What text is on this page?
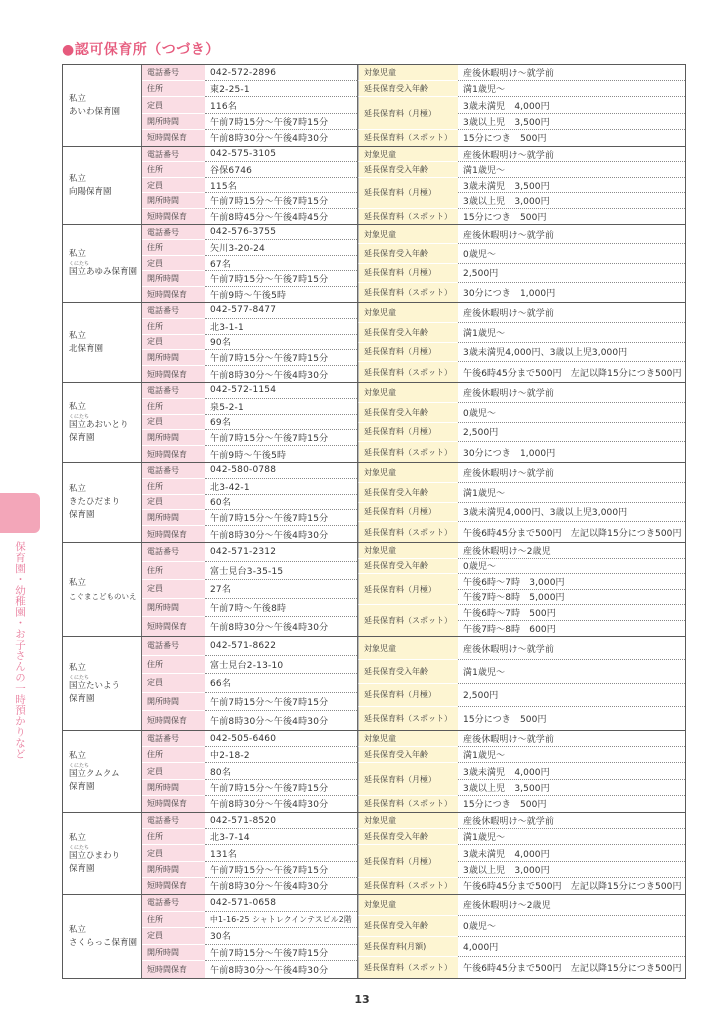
●認可保育所（つづき）
私立
あいわ保育園
電話番号	042-572-2896
住所	東2-25-1
定員	116名
開所時間	午前7時15分〜午後7時15分
短時間保育	午前8時30分〜午後4時30分
対象児童	産後休暇明け〜就学前
延長保育受入年齢	満1歳児〜
延長保育料（月極）
3歳未満児　4,000円
3歳以上児　3,500円
延長保育料（スポット）	15分につき　500円
私立
向陽保育園
電話番号	042-575-3105
住所	谷保6746
定員	115名
開所時間	午前7時15分〜午後7時15分
短時間保育	午前8時45分〜午後4時45分
対象児童	産後休暇明け〜就学前
延長保育受入年齢	満1歳児〜
延長保育料（月極）
3歳未満児　3,500円
3歳以上児　3,000円
延長保育料（スポット）	15分につき　500円
私立
くにたち
国立あゆみ保育園
電話番号	042-576-3755
住所	矢川3-20-24
定員	67名
開所時間	午前7時15分〜午後7時15分
短時間保育	午前9時〜午後5時
対象児童	産後休暇明け〜就学前
延長保育受入年齢	0歳児〜
延長保育料（月極）	2,500円
延長保育料（スポット）	30分につき　1,000円
私立
北保育園
電話番号	042-577-8477
住所	北3-1-1
定員	90名
開所時間	午前7時15分〜午後7時15分
短時間保育	午前8時30分〜午後4時30分
対象児童	産後休暇明け〜就学前
延長保育受入年齢	満1歳児〜
延長保育料（月極）	3歳未満児4,000円、3歳以上児3,000円
延長保育料（スポット）	午後6時45分まで500円　左記以降15分につき500円
私立
くにたち
国立あおいとり
保育園
電話番号	042-572-1154
住所	泉5-2-1
定員	69名
開所時間	午前7時15分〜午後7時15分
短時間保育	午前9時〜午後5時
対象児童	産後休暇明け〜就学前
延長保育受入年齢	0歳児〜
延長保育料（月極）	2,500円
延長保育料（スポット）	30分につき　1,000円
私立
きたひだまり
保育園
電話番号	042-580-0788
住所	北3-42-1
定員	60名
開所時間	午前7時15分〜午後7時15分
短時間保育	午前8時30分〜午後4時30分
対象児童	産後休暇明け〜就学前
延長保育受入年齢	満1歳児〜
延長保育料（月極）	3歳未満児4,000円、3歳以上児3,000円
延長保育料（スポット）	午後6時45分まで500円　左記以降15分につき500円
私立
こぐまこどものいえ
電話番号	042-571-2312
住所	富士見台3-35-15
定員	27名
開所時間	午前7時〜午後8時
短時間保育	午前8時30分〜午後4時30分
対象児童	産後休暇明け〜2歳児
延長保育受入年齢	0歳児〜
延長保育料（月極）
午後6時〜7時　3,000円
午後7時〜8時　5,000円
延長保育料（スポット）
午後6時〜7時　500円
午後7時〜8時　600円
私立
くにたち
国立たいよう
保育園
電話番号	042-571-8622
住所	富士見台2-13-10
定員	66名
開所時間	午前7時15分〜午後7時15分
短時間保育	午前8時30分〜午後4時30分
対象児童	産後休暇明け〜就学前
延長保育受入年齢	満1歳児〜
延長保育料（月極）	2,500円
延長保育料（スポット）	15分につき　500円
私立
くにたち
国立クムクム
保育園
電話番号	042-505-6460
住所	中2-18-2
定員	80名
開所時間	午前7時15分〜午後7時15分
短時間保育	午前8時30分〜午後4時30分
対象児童	産後休暇明け〜就学前
延長保育受入年齢	満1歳児〜
延長保育料（月極）
3歳未満児　4,000円
3歳以上児　3,500円
延長保育料（スポット）	15分につき　500円
私立
くにたち
国立ひまわり
保育園
電話番号	042-571-8520
住所	北3-7-14
定員	131名
開所時間	午前7時15分〜午後7時15分
短時間保育	午前8時30分〜午後4時30分
対象児童	産後休暇明け〜就学前
延長保育受入年齢	満1歳児〜
延長保育料（月極）
3歳未満児　4,000円
3歳以上児　3,000円
延長保育料（スポット）	午後6時45分まで500円　左記以降15分につき500円
私立
さくらっこ保育園
電話番号	042-571-0658
住所	中1-16-25 シャトレクインテスビル2階
定員	30名
開所時間	午前7時15分〜午後7時15分
短時間保育	午前8時30分〜午後4時30分
対象児童	産後休暇明け〜2歳児
延長保育受入年齢	0歳児〜
延長保育料(月額)	4,000円
延長保育料（スポット）	午後6時45分まで500円　左記以降15分につき500円
保育園・幼稚園・お子さんの一時預かりなど
13
